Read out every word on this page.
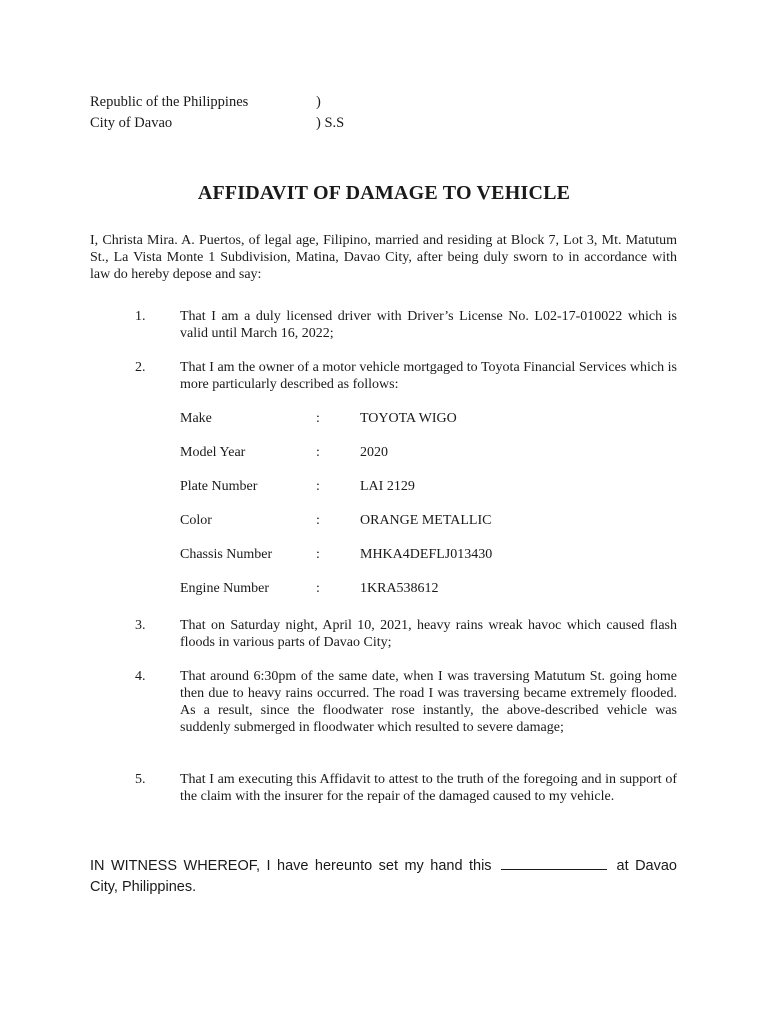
Republic of the Philippines	)
City of Davao	) S.S
AFFIDAVIT OF DAMAGE TO VEHICLE
I, Christa Mira. A. Puertos, of legal age, Filipino, married and residing at Block 7, Lot 3, Mt. Matutum St., La Vista Monte 1 Subdivision, Matina, Davao City, after being duly sworn to in accordance with law do hereby depose and say:
1. That I am a duly licensed driver with Driver’s License No. L02-17-010022 which is valid until March 16, 2022;
2. That I am the owner of a motor vehicle mortgaged to Toyota Financial Services which is more particularly described as follows:
Make	:	TOYOTA WIGO
Model Year	:	2020
Plate Number	:	LAI 2129
Color	:	ORANGE METALLIC
Chassis Number	:	MHKA4DEFLJ013430
Engine Number	:	1KRA538612
3. That on Saturday night, April 10, 2021, heavy rains wreak havoc which caused flash floods in various parts of Davao City;
4. That around 6:30pm of the same date, when I was traversing Matutum St. going home then due to heavy rains occurred. The road I was traversing became extremely flooded. As a result, since the floodwater rose instantly, the above-described vehicle was suddenly submerged in floodwater which resulted to severe damage;
5. That I am executing this Affidavit to attest to the truth of the foregoing and in support of the claim with the insurer for the repair of the damaged caused to my vehicle.
IN WITNESS WHEREOF, I have hereunto set my hand this	at Davao City, Philippines.
